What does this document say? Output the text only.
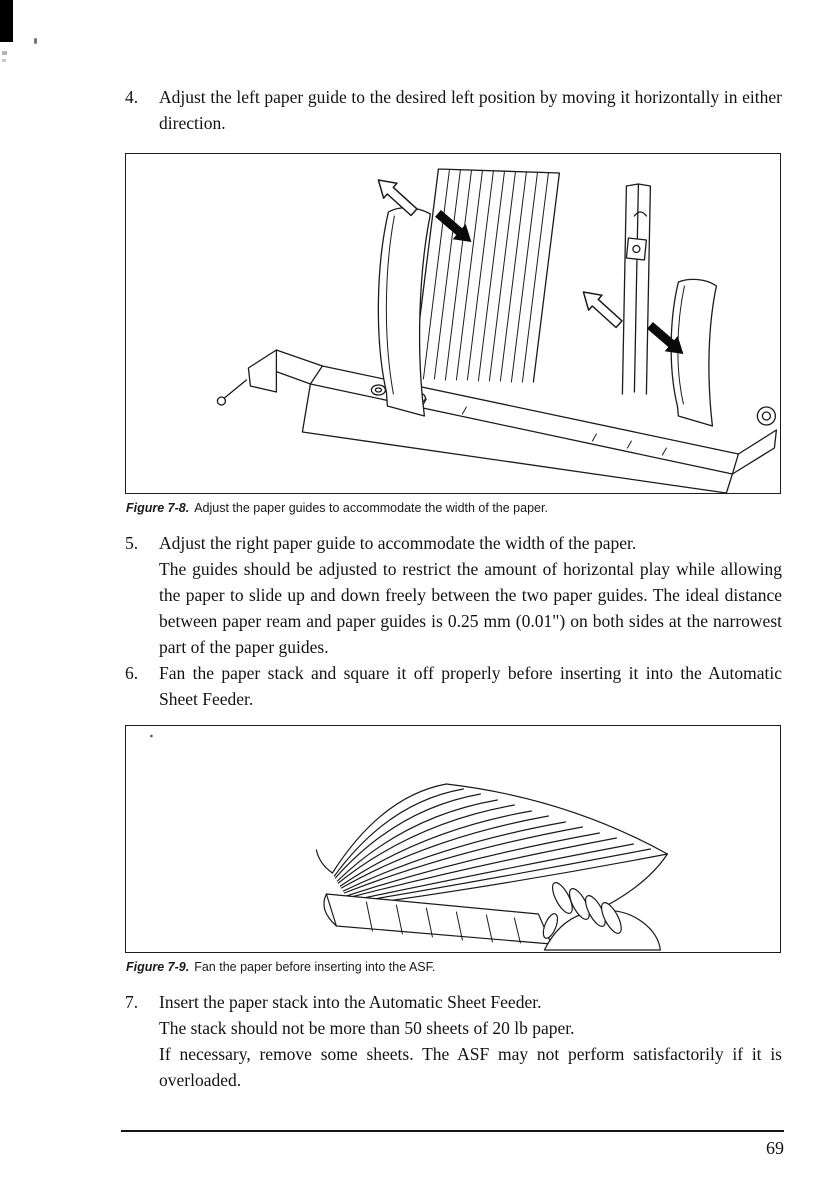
4.	Adjust the left paper guide to the desired left position by moving it horizontally in either direction.

Figure 7-8. Adjust the paper guides to accommodate the width of the paper.

5.	Adjust the right paper guide to accommodate the width of the paper.

The guides should be adjusted to restrict the amount of horizontal play while allowing the paper to slide up and down freely between the two paper guides. The ideal distance between paper ream and paper guides is 0.25 mm (0.01") on both sides at the narrowest part of the paper guides.

6.	Fan the paper stack and square it off properly before inserting it into the Automatic Sheet Feeder.

Figure 7-9. Fan the paper before inserting into the ASF.

7.	Insert the paper stack into the Automatic Sheet Feeder.

The stack should not be more than 50 sheets of 20 lb paper.

If necessary, remove some sheets. The ASF may not perform satisfactorily if it is overloaded.

69
